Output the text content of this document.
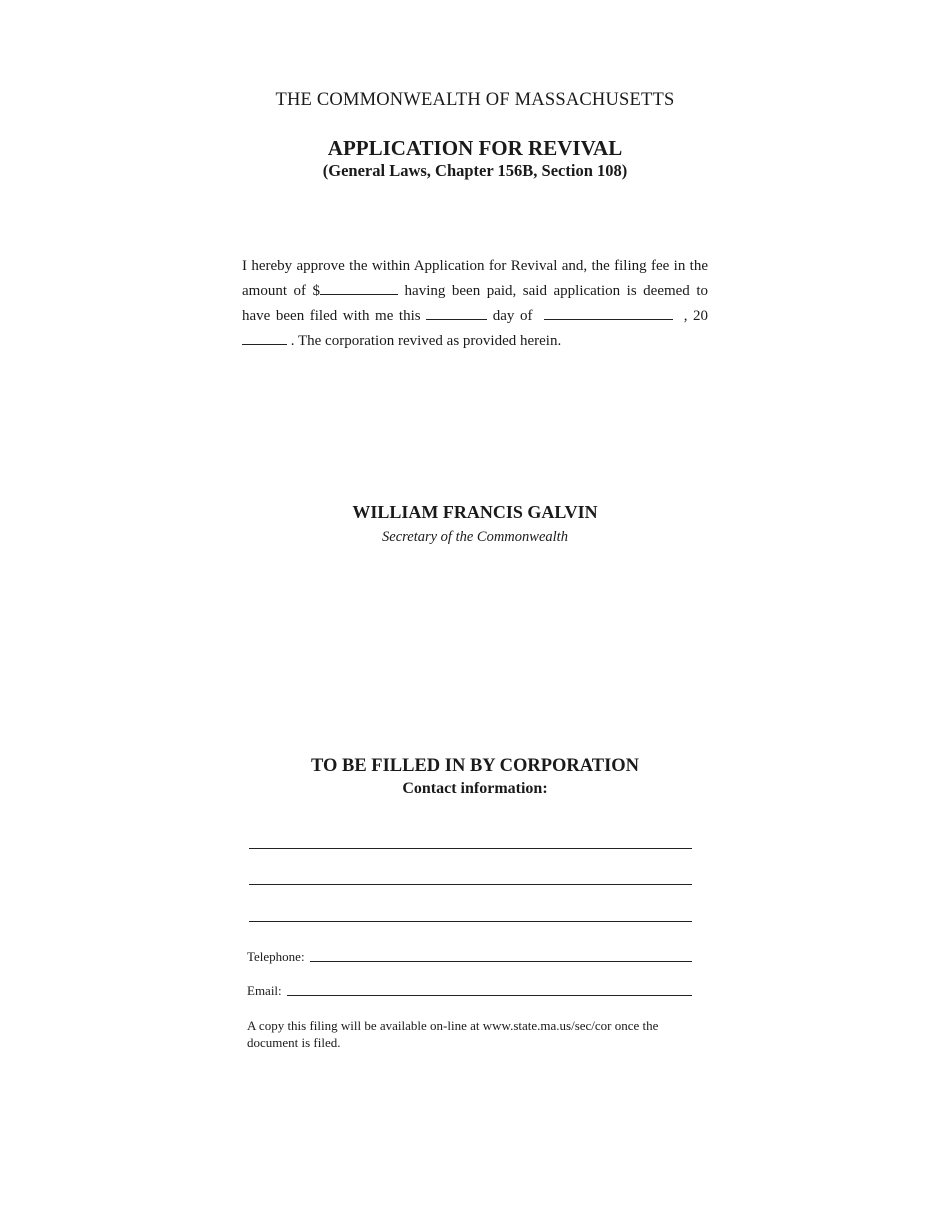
THE COMMONWEALTH OF MASSACHUSETTS
APPLICATION FOR REVIVAL
(General Laws, Chapter 156B, Section 108)
I hereby approve the within Application for Revival and, the filing fee in the amount of $	having been paid, said application is deemed to have been filed with me this	day of	, 20 . The corporation revived as provided herein.
WILLIAM FRANCIS GALVIN
Secretary of the Commonwealth
TO BE FILLED IN BY CORPORATION
Contact information:
Telephone:
Email:
A copy this filing will be available on-line at www.state.ma.us/sec/cor once the document is filed.
